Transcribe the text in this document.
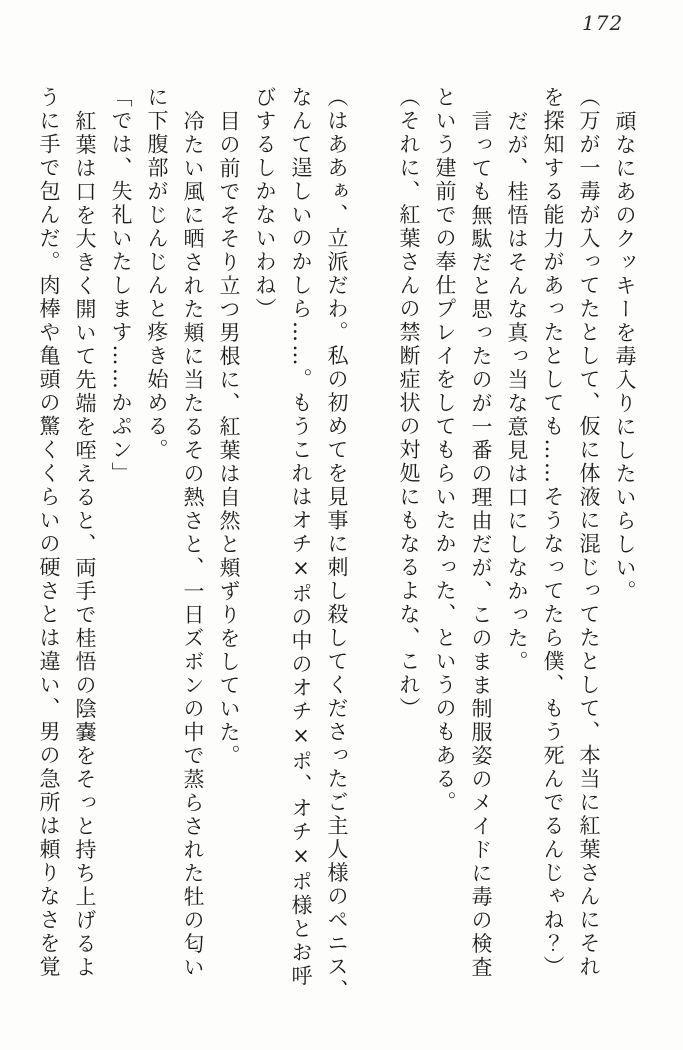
172

頑なにあのクッキーを毒入りにしたいらしい。

（万が一毒が入ってたとして、仮に体液に混じってたとして、本当に紅葉さんにそれ

を探知する能力があったとしても……そうなってたら僕、もう死んでるんじゃね？）

だが、桂悟はそんな真っ当な意見は口にしなかった。

言っても無駄だと思ったのが一番の理由だが、このまま制服姿のメイドに毒の検査

という建前での奉仕プレイをしてもらいたかった、というのもある。

（それに、紅葉さんの禁断症状の対処にもなるよな、これ）

（はああぁ、立派だわ。私の初めてを見事に刺し殺してくださったご主人様のペニス、

なんて逞しいのかしら……。もうこれはオチ×ポの中のオチ×ポ、オチ×ポ様とお呼

びするしかないわね）

目の前でそそり立つ男根に、紅葉は自然と頬ずりをしていた。

冷たい風に晒された頬に当たるその熱さと、一日ズボンの中で蒸らされた牡の匂い

に下腹部がじんじんと疼き始める。

「では、失礼いたします……かぷン」

紅葉は口を大きく開いて先端を咥えると、両手で桂悟の陰嚢をそっと持ち上げるよ

うに手で包んだ。肉棒や亀頭の驚くくらいの硬さとは違い、男の急所は頼りなさを覚
